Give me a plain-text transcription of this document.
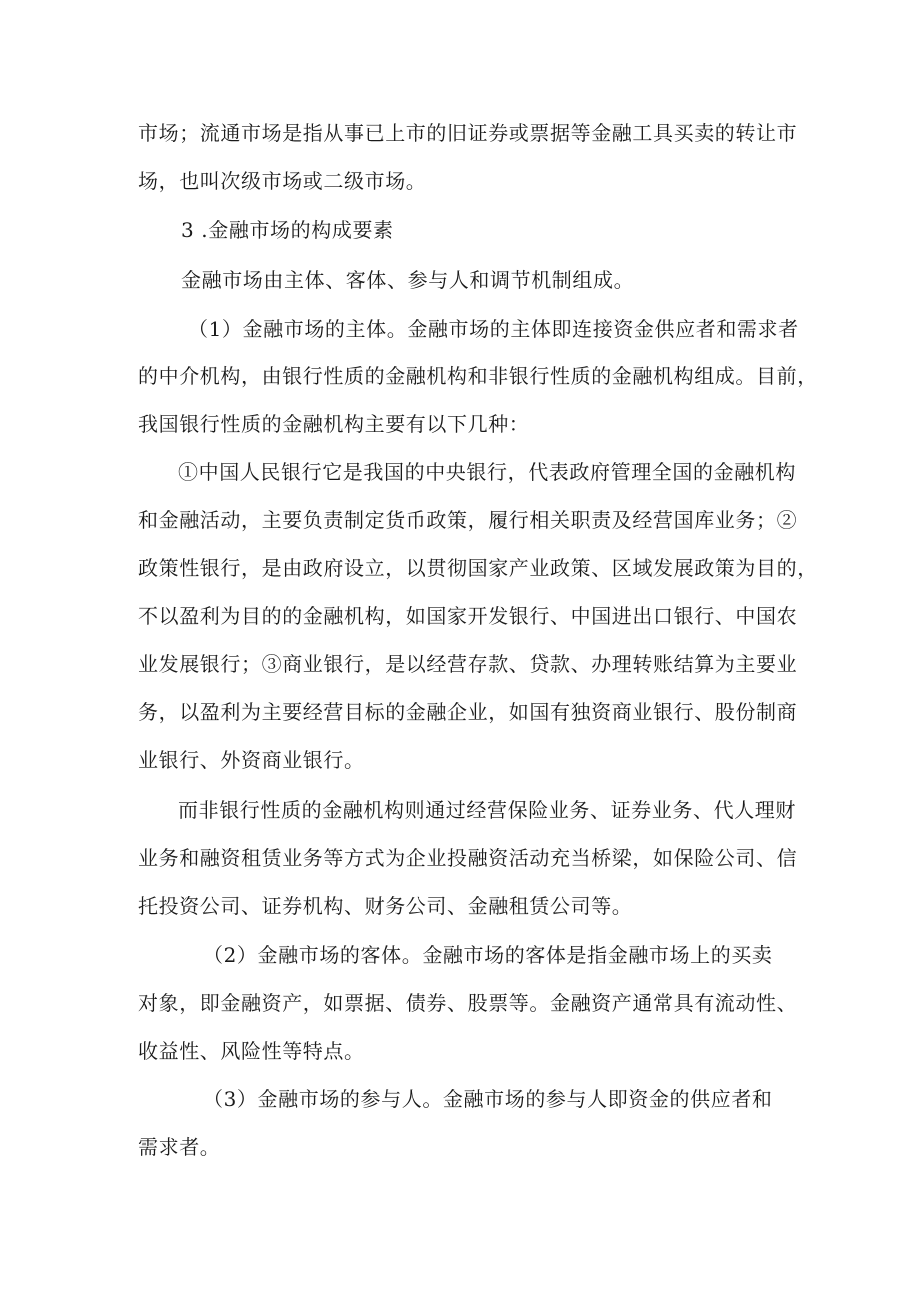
市场；流通市场是指从事已上市的旧证券或票据等金融工具买卖的转让市
场，也叫次级市场或二级市场。
3 .金融市场的构成要素
金融市场由主体、客体、参与人和调节机制组成。
（1）金融市场的主体。金融市场的主体即连接资金供应者和需求者
的中介机构，由银行性质的金融机构和非银行性质的金融机构组成。目前，
我国银行性质的金融机构主要有以下几种：
①中国人民银行它是我国的中央银行，代表政府管理全国的金融机构
和金融活动，主要负责制定货币政策，履行相关职责及经营国库业务；②
政策性银行，是由政府设立，以贯彻国家产业政策、区域发展政策为目的，
不以盈利为目的的金融机构，如国家开发银行、中国进出口银行、中国农
业发展银行；③商业银行，是以经营存款、贷款、办理转账结算为主要业
务，以盈利为主要经营目标的金融企业，如国有独资商业银行、股份制商
业银行、外资商业银行。
而非银行性质的金融机构则通过经营保险业务、证券业务、代人理财
业务和融资租赁业务等方式为企业投融资活动充当桥梁，如保险公司、信
托投资公司、证券机构、财务公司、金融租赁公司等。
（2）金融市场的客体。金融市场的客体是指金融市场上的买卖
对象，即金融资产，如票据、债券、股票等。金融资产通常具有流动性、
收益性、风险性等特点。
（3）金融市场的参与人。金融市场的参与人即资金的供应者和
需求者。
